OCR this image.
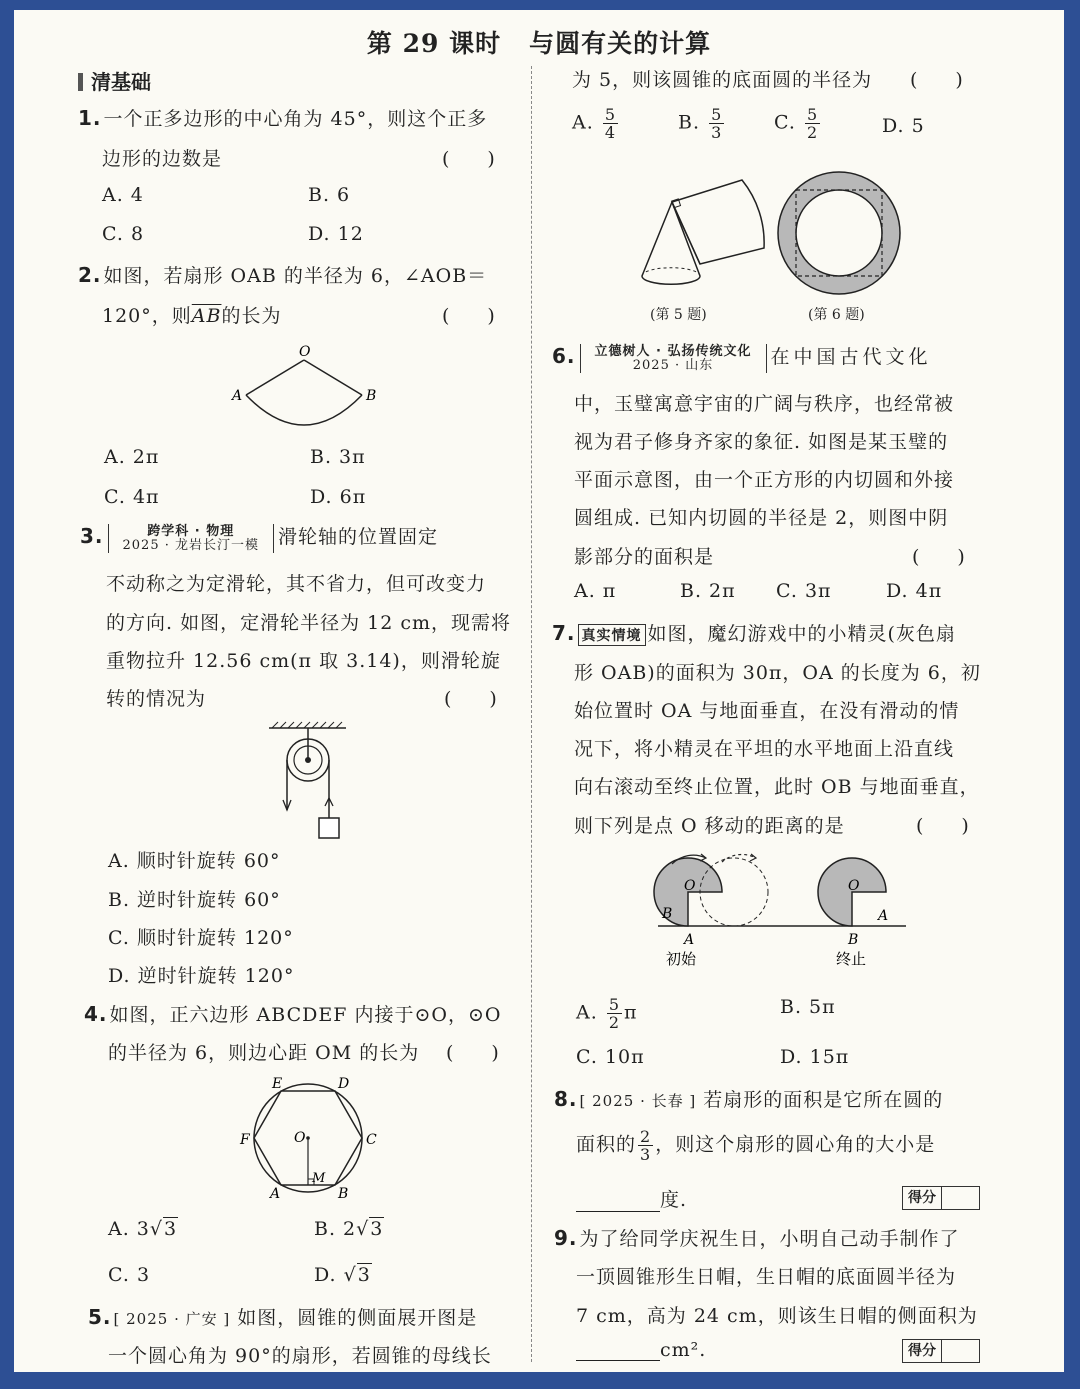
第 29 课时 与圆有关的计算
清基础
1. 一个正多边形的中心角为 45°，则这个正多
边形的边数是	(　　)
A. 4	B. 6
C. 8	D. 12
2. 如图，若扇形 OAB 的半径为 6，∠AOB＝
120°，则$\overline{AB}$的长为	(　　)
O
A	B
A. 2π	B. 3π
C. 4π	D. 6π
3.	跨学科 · 物理
2025 · 龙岩长汀一模 滑轮轴的位置固定
不动称之为定滑轮，其不省力，但可改变力
的方向. 如图，定滑轮半径为 12 cm，现需将
重物拉升 12.56 cm(π 取 3.14)，则滑轮旋
转的情况为	(　　)
A. 顺时针旋转 60°
B. 逆时针旋转 60°
C. 顺时针旋转 120°
D. 逆时针旋转 120°
4. 如图，正六边形 ABCDEF 内接于⊙O，⊙O
的半径为 6，则边心距 OM 的长为 (　　)
E	D
F	C
O
M
A	B
A. 3√3	B. 2√3
C. 3	D. √3
5. [ 2025 · 广安 ] 如图，圆锥的侧面展开图是
一个圆心角为 90°的扇形，若圆锥的母线长
为 5，则该圆锥的底面圆的半径为 (　　)
A. $\frac{5}{4}$	B. $\frac{5}{3}$	C. $\frac{5}{2}$	D. 5
(第 5 题)	(第 6 题)
6. 立德树人 · 弘扬传统文化
2025 · 山东	在中国古代文化
中，玉璧寓意宇宙的广阔与秩序，也经常被
视为君子修身齐家的象征. 如图是某玉璧的
平面示意图，由一个正方形的内切圆和外接
圆组成. 已知内切圆的半径是 2，则图中阴
影部分的面积是	(　　)
A. π	B. 2π C. 3π	D. 4π
7. 真实情境 如图，魔幻游戏中的小精灵(灰色扇
形 OAB)的面积为 30π，OA 的长度为 6，初
始位置时 OA 与地面垂直，在没有滑动的情
况下，将小精灵在平坦的水平地面上沿直线
向右滚动至终止位置，此时 OB 与地面垂直，
则下列是点 O 移动的距离的是	(　　)
O
B
A
初始
O
A
B
终止
A. $\frac{5}{2}$ π	B. 5π
C. 10π	D. 15π
8. [ 2025 · 长春 ] 若扇形的面积是它所在圆的
面积的 $\frac{2}{3}$ ，则这个扇形的圆心角的大小是
度.	得分
9. 为了给同学庆祝生日，小明自己动手制作了
一顶圆锥形生日帽，生日帽的底面圆半径为
7 cm，高为 24 cm，则该生日帽的侧面积为
cm².	得分
